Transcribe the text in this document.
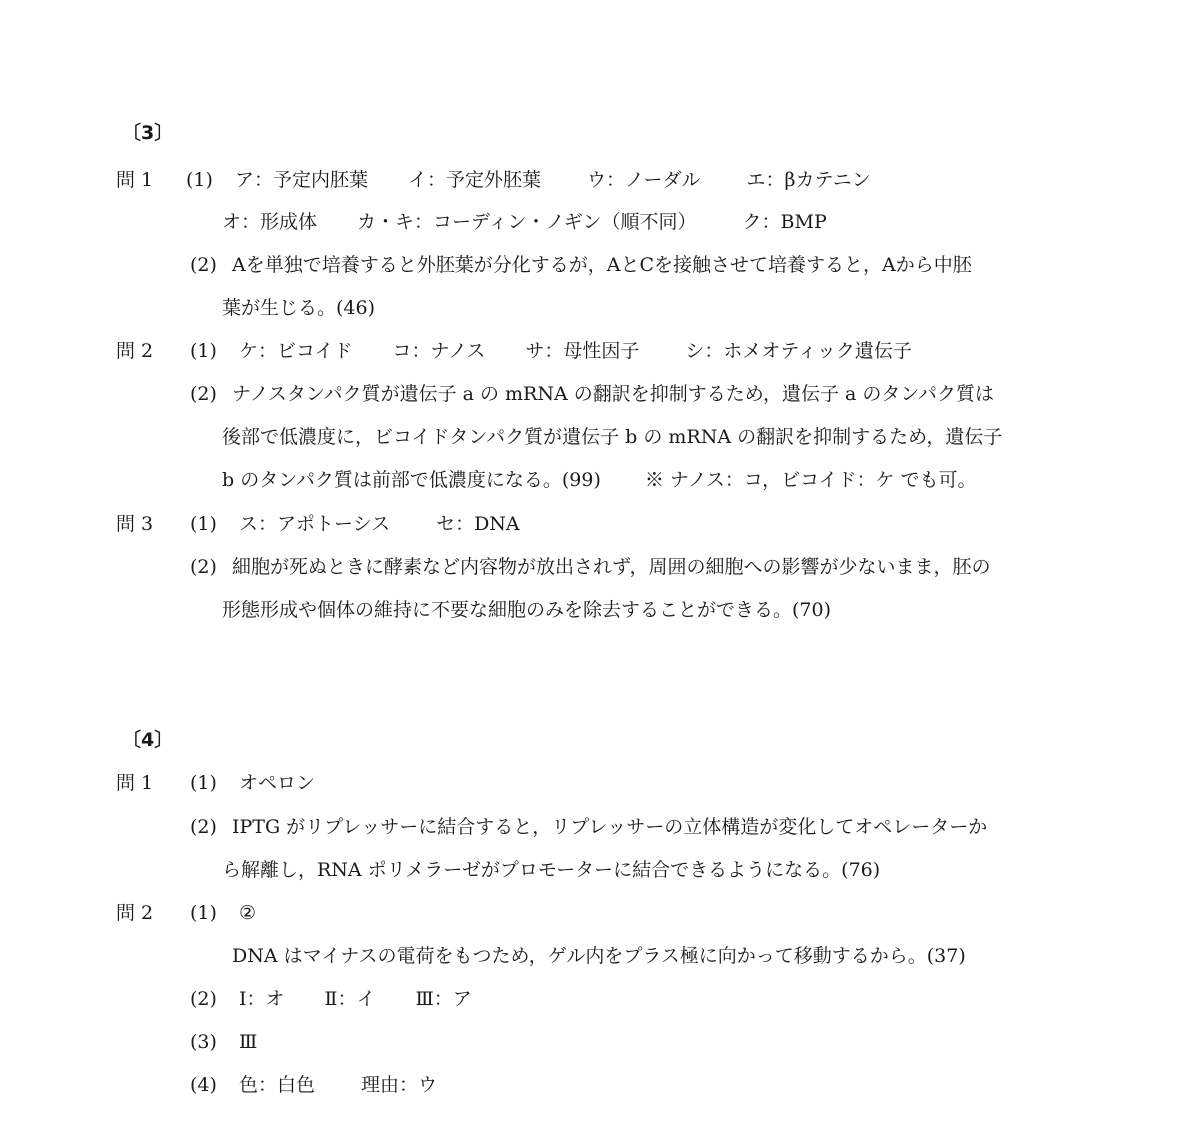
〔3〕
問 1 (1) ア：予定内胚葉 イ：予定外胚葉 ウ：ノーダル エ：βカテニン
オ：形成体 カ・キ：コーディン・ノギン（順不同） ク：BMP
(2) Aを単独で培養すると外胚葉が分化するが，AとCを接触させて培養すると，Aから中胚
葉が生じる。(46)
問 2 (1) ケ：ビコイド コ：ナノス サ：母性因子 シ：ホメオティック遺伝子
(2) ナノスタンパク質が遺伝子 a の mRNA の翻訳を抑制するため，遺伝子 a のタンパク質は
後部で低濃度に，ビコイドタンパク質が遺伝子 b の mRNA の翻訳を抑制するため，遺伝子
b のタンパク質は前部で低濃度になる。(99) ※ ナノス：コ，ビコイド：ケ でも可。
問 3 (1) ス：アポトーシス セ：DNA
(2) 細胞が死ぬときに酵素など内容物が放出されず，周囲の細胞への影響が少ないまま，胚の
形態形成や個体の維持に不要な細胞のみを除去することができる。(70)
〔4〕
問 1 (1) オペロン
(2) IPTG がリプレッサーに結合すると，リプレッサーの立体構造が変化してオペレーターか
ら解離し，RNA ポリメラーゼがプロモーターに結合できるようになる。(76)
問 2 (1) ②
DNA はマイナスの電荷をもつため，ゲル内をプラス極に向かって移動するから。(37)
(2) Ⅰ：オ Ⅱ：イ Ⅲ：ア
(3) Ⅲ
(4) 色：白色 理由：ウ
